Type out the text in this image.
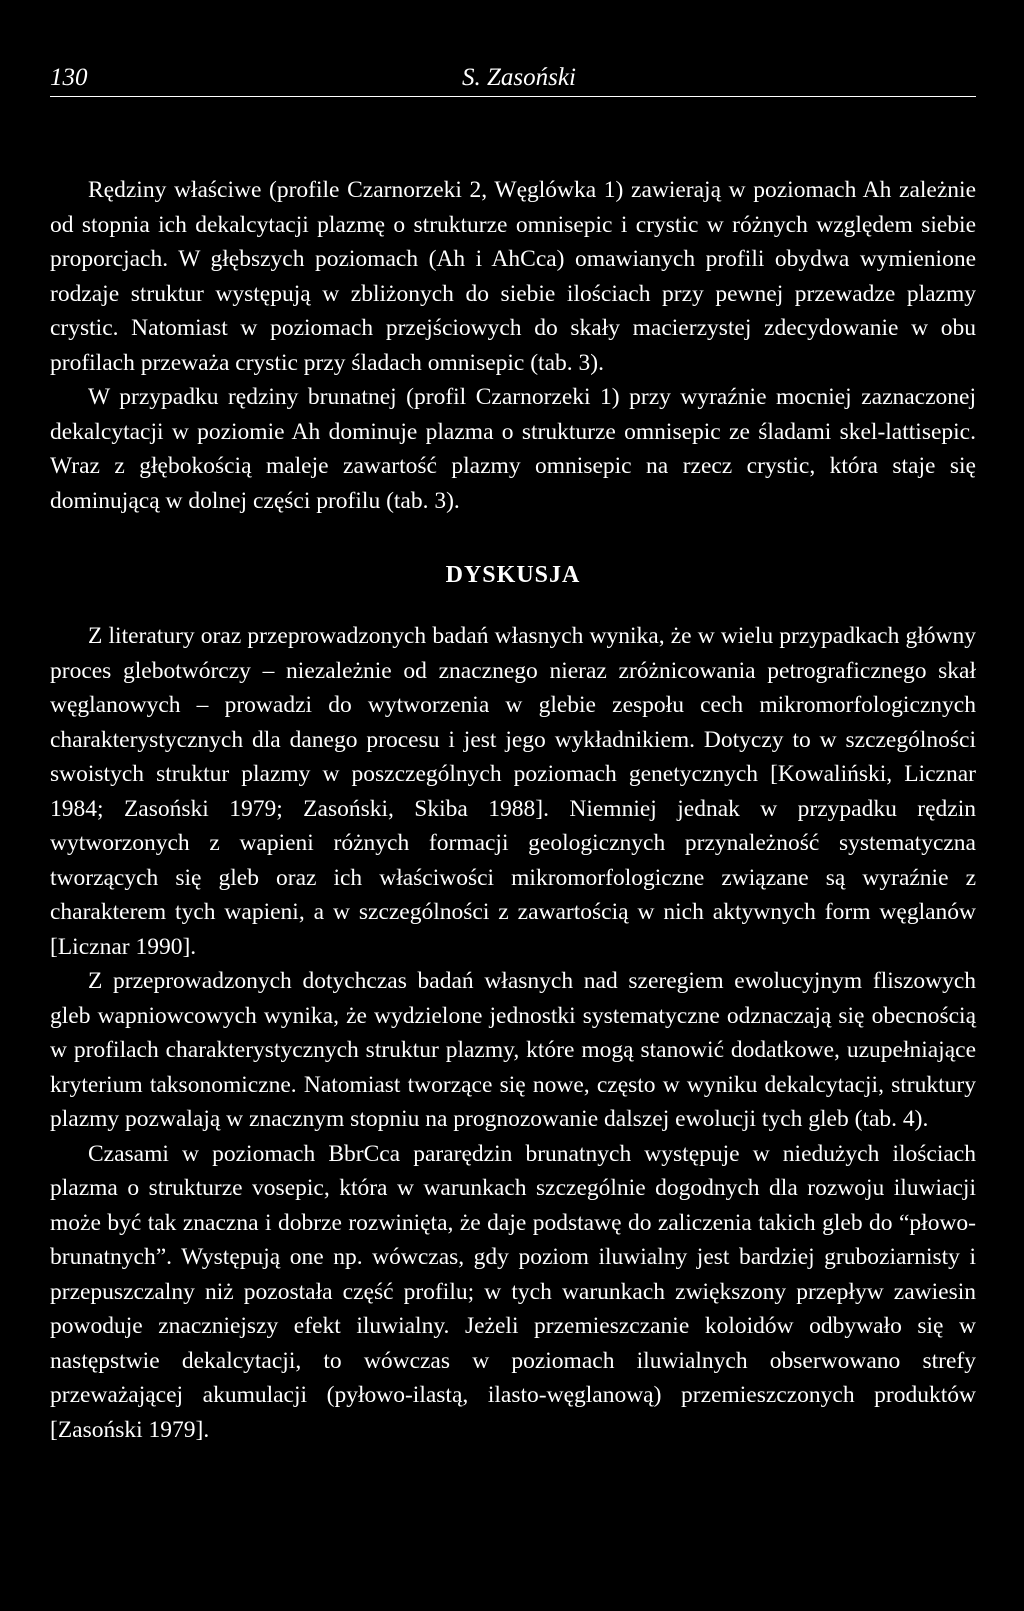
130	S. Zasoński

Rędziny właściwe (profile Czarnorzeki 2, Węglówka 1) zawierają w poziomach Ah zależnie od stopnia ich dekalcytacji plazmę o strukturze omnisepic i crystic w różnych względem siebie proporcjach. W głębszych poziomach (Ah i AhCca) omawianych profili obydwa wymienione rodzaje struktur występują w zbliżonych do siebie ilościach przy pewnej przewadze plazmy crystic. Natomiast w poziomach przejściowych do skały macierzystej zdecydowanie w obu profilach przeważa crystic przy śladach omnisepic (tab. 3).

W przypadku rędziny brunatnej (profil Czarnorzeki 1) przy wyraźnie mocniej zaznaczonej dekalcytacji w poziomie Ah dominuje plazma o strukturze omnisepic ze śladami skel-lattisepic. Wraz z głębokością maleje zawartość plazmy omnisepic na rzecz crystic, która staje się dominującą w dolnej części profilu (tab. 3).

DYSKUSJA

Z literatury oraz przeprowadzonych badań własnych wynika, że w wielu przypadkach główny proces glebotwórczy – niezależnie od znacznego nieraz zróżnicowania petrograficznego skał węglanowych – prowadzi do wytworzenia w glebie zespołu cech mikromorfologicznych charakterystycznych dla danego procesu i jest jego wykładnikiem. Dotyczy to w szczególności swoistych struktur plazmy w poszczególnych poziomach genetycznych [Kowaliński, Licznar 1984; Zasoński 1979; Zasoński, Skiba 1988]. Niemniej jednak w przypadku rędzin wytworzonych z wapieni różnych formacji geologicznych przynależność systematyczna tworzących się gleb oraz ich właściwości mikromorfologiczne związane są wyraźnie z charakterem tych wapieni, a w szczególności z zawartością w nich aktywnych form węglanów [Licznar 1990].

Z przeprowadzonych dotychczas badań własnych nad szeregiem ewolucyjnym fliszowych gleb wapniowcowych wynika, że wydzielone jednostki systematyczne odznaczają się obecnością w profilach charakterystycznych struktur plazmy, które mogą stanowić dodatkowe, uzupełniające kryterium taksonomiczne. Natomiast tworzące się nowe, często w wyniku dekalcytacji, struktury plazmy pozwalają w znacznym stopniu na prognozowanie dalszej ewolucji tych gleb (tab. 4).

Czasami w poziomach BbrCca pararędzin brunatnych występuje w niedużych ilościach plazma o strukturze vosepic, która w warunkach szczególnie dogodnych dla rozwoju iluwiacji może być tak znaczna i dobrze rozwinięta, że daje podstawę do zaliczenia takich gleb do “płowo-brunatnych”. Występują one np. wówczas, gdy poziom iluwialny jest bardziej gruboziarnisty i przepuszczalny niż pozostała część profilu; w tych warunkach zwiększony przepływ zawiesin powoduje znaczniejszy efekt iluwialny. Jeżeli przemieszczanie koloidów odbywało się w następstwie dekalcytacji, to wówczas w poziomach iluwialnych obserwowano strefy przeważającej akumulacji (pyłowo-ilastą, ilasto-węglanową) przemieszczonych produktów [Zasoński 1979].
